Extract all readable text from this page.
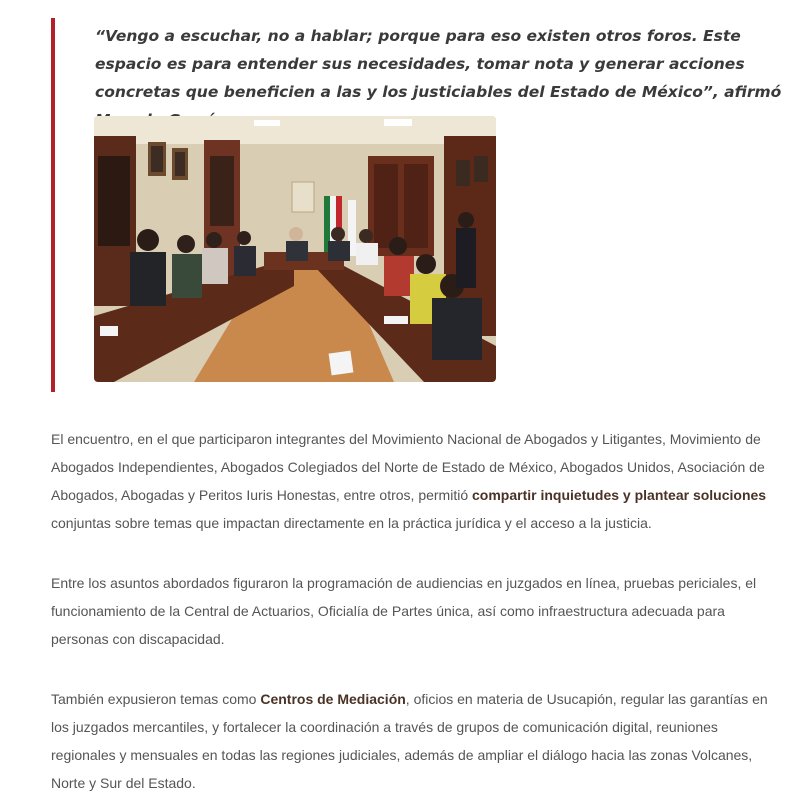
“Vengo a escuchar, no a hablar; porque para eso existen otros foros. Este espacio es para entender sus necesidades, tomar nota y generar acciones concretas que beneficien a las y los justiciables del Estado de México”, afirmó

El encuentro, en el que participaron integrantes del Movimiento Nacional de Abogados y Litigantes, Movimiento de Abogados Independientes, Abogados Colegiados del Norte de Estado de México, Abogados Unidos, Asociación de Abogados, Abogadas y Peritos Iuris Honestas, entre otros, permitió compartir inquietudes y plantear soluciones conjuntas sobre temas que impactan directamente en la práctica jurídica y el acceso a la justicia.

Entre los asuntos abordados figuraron la programación de audiencias en juzgados en línea, pruebas periciales, el funcionamiento de la Central de Actuarios, Oficialía de Partes única, así como infraestructura adecuada para personas con discapacidad.

También expusieron temas como Centros de Mediación, oficios en materia de Usucapión, regular las garantías en los juzgados mercantiles, y fortalecer la coordinación a través de grupos de comunicación digital, reuniones regionales y mensuales en todas las regiones judiciales, además de ampliar el diálogo hacia las zonas Volcanes, Norte y Sur del Estado.
